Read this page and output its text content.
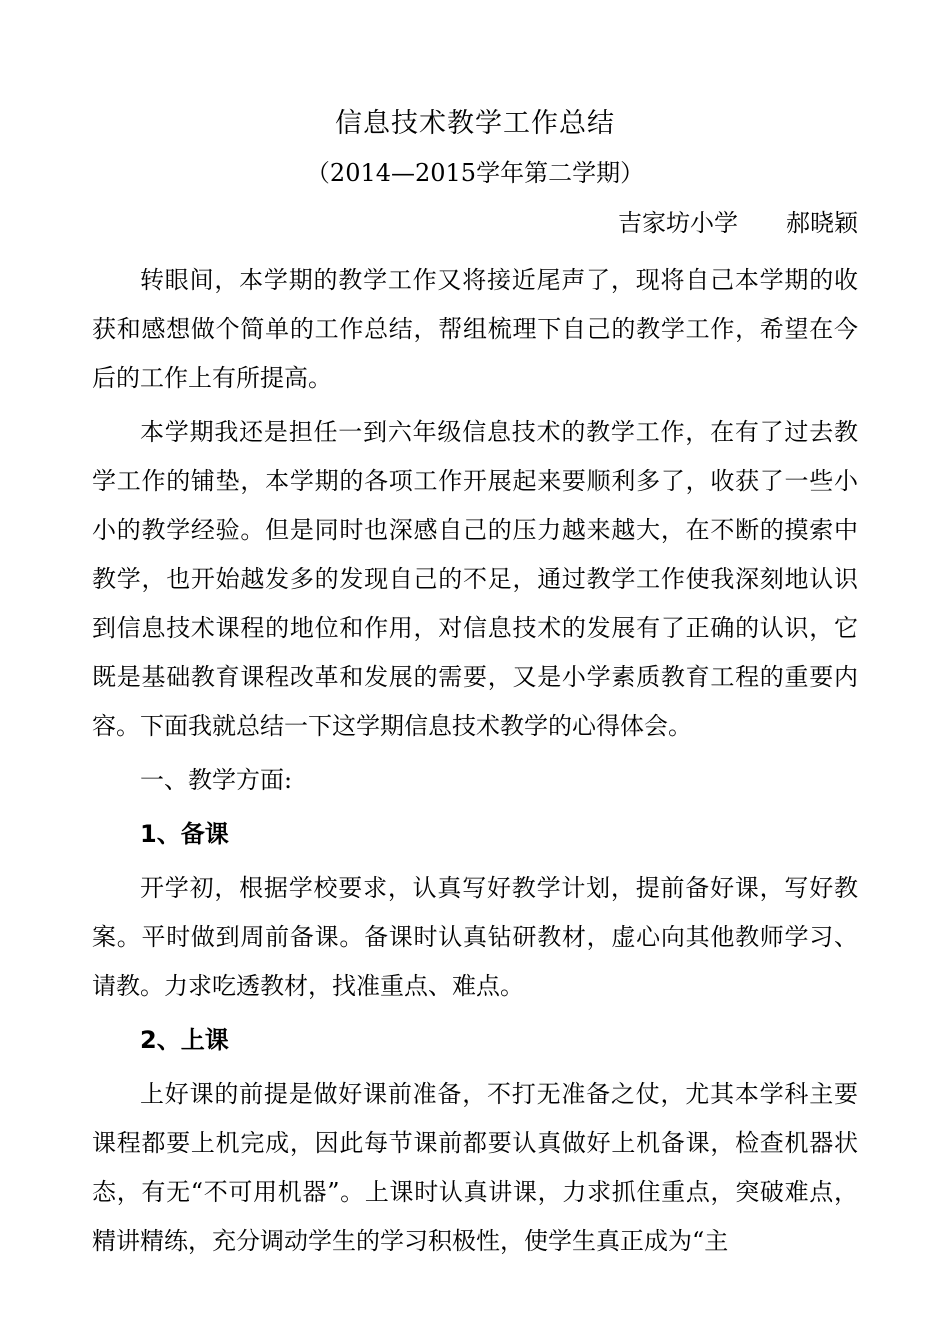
信息技术教学工作总结
（2014—2015学年第二学期）
吉家坊小学　　郝晓颖

转眼间，本学期的教学工作又将接近尾声了，现将自己本学期的收获和感想做个简单的工作总结，帮组梳理下自己的教学工作，希望在今后的工作上有所提高。

本学期我还是担任一到六年级信息技术的教学工作，在有了过去教学工作的铺垫，本学期的各项工作开展起来要顺利多了，收获了一些小小的教学经验。但是同时也深感自己的压力越来越大，在不断的摸索中教学，也开始越发多的发现自己的不足，通过教学工作使我深刻地认识到信息技术课程的地位和作用，对信息技术的发展有了正确的认识，它既是基础教育课程改革和发展的需要，又是小学素质教育工程的重要内容。下面我就总结一下这学期信息技术教学的心得体会。

一、教学方面:

1、备课

开学初，根据学校要求，认真写好教学计划，提前备好课，写好教案。平时做到周前备课。备课时认真钻研教材，虚心向其他教师学习、请教。力求吃透教材，找准重点、难点。

2、上课

上好课的前提是做好课前准备，不打无准备之仗，尤其本学科主要课程都要上机完成，因此每节课前都要认真做好上机备课，检查机器状态，有无“不可用机器”。上课时认真讲课，力求抓住重点，突破难点，精讲精练，充分调动学生的学习积极性，使学生真正成为“主
